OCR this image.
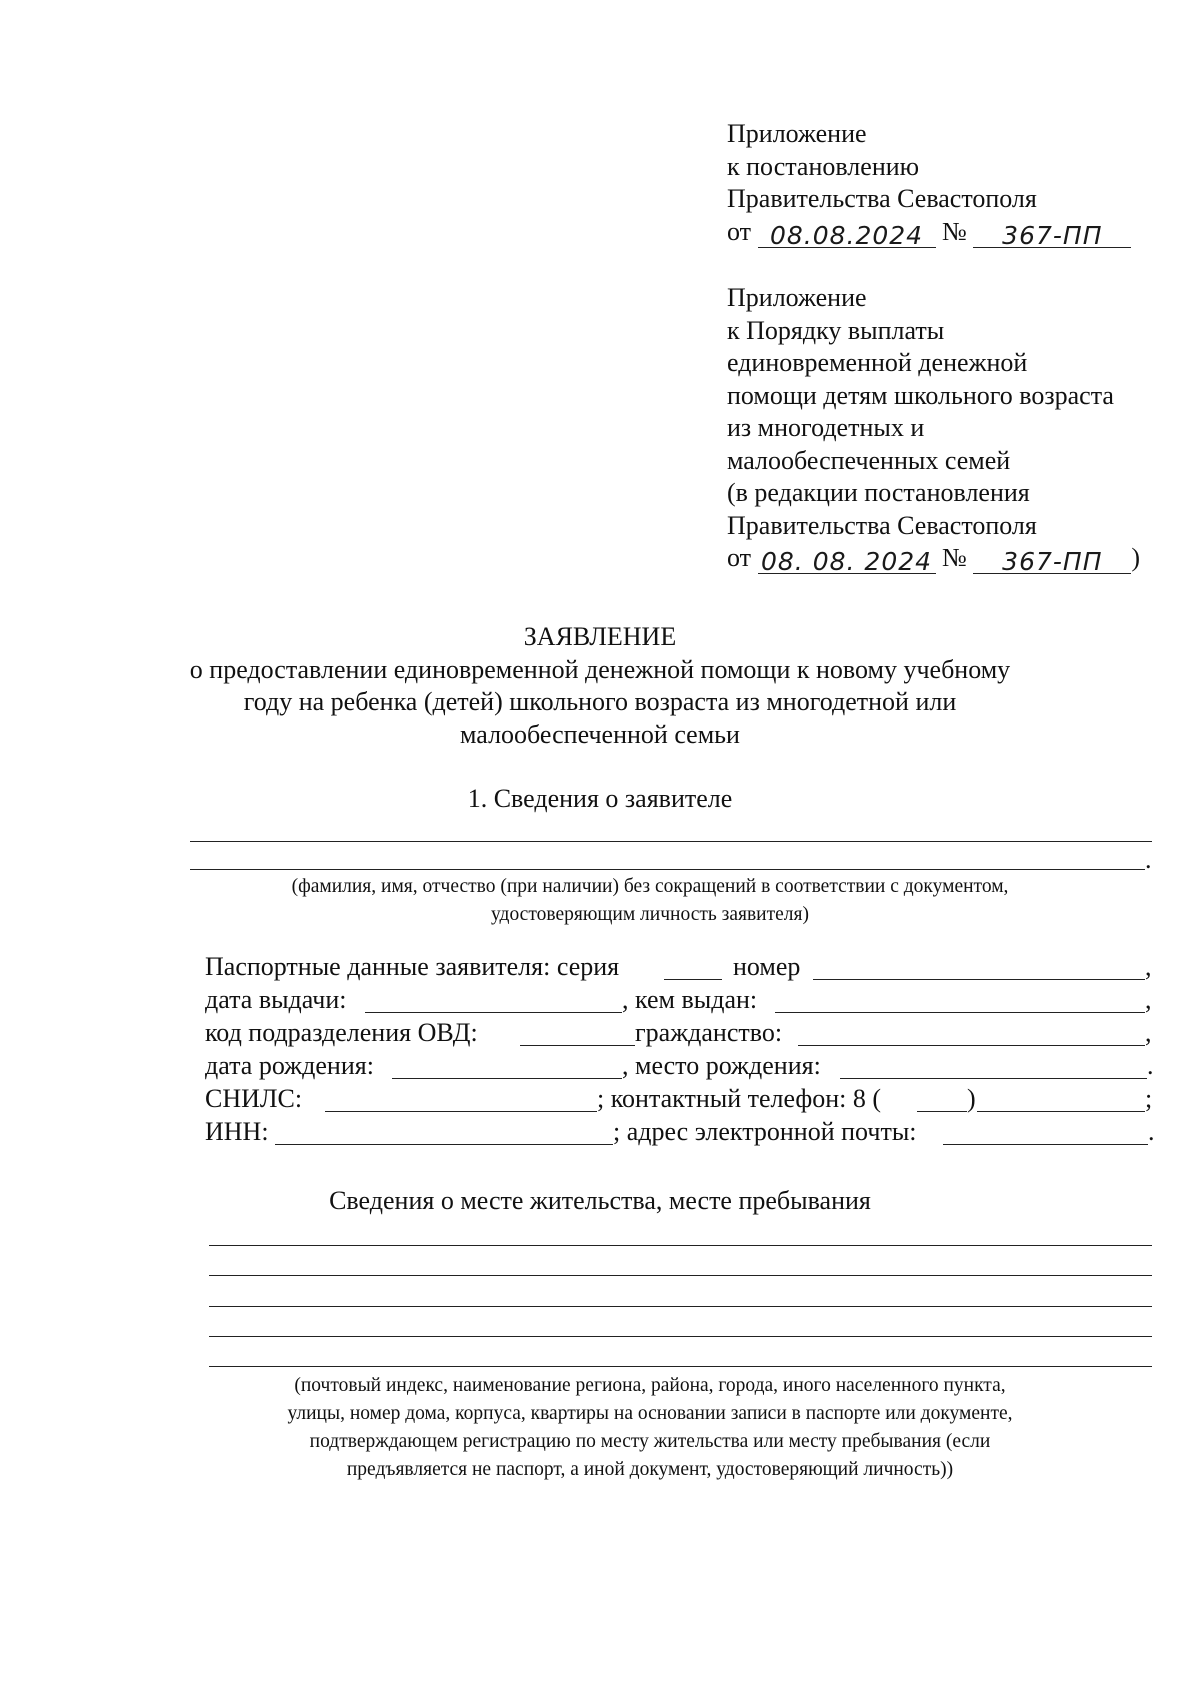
Приложение
к постановлению
Правительства Севастополя
от 08.08.2024 № 367-ПП
Приложение
к Порядку выплаты
единовременной денежной
помощи детям школьного возраста
из многодетных и
малообеспеченных семей
(в редакции постановления
Правительства Севастополя
от 08. 08. 2024 № 367-ПП )
ЗАЯВЛЕНИЕ
о предоставлении единовременной денежной помощи к новому учебному
году на ребенка (детей) школьного возраста из многодетной или
малообеспеченной семьи
1. Сведения о заявителе
.
(фамилия, имя, отчество (при наличии) без сокращений в соответствии с документом,
удостоверяющим личность заявителя)
Паспортные данные заявителя: серия	номер	,
дата выдачи:	, кем выдан:	,
код подразделения ОВД:	гражданство:	,
дата рождения:	, место рождения:	.
СНИЛС:	; контактный телефон: 8 (	)	;
ИНН:	; адрес электронной почты:	.
Сведения о месте жительства, месте пребывания
(почтовый индекс, наименование региона, района, города, иного населенного пункта,
улицы, номер дома, корпуса, квартиры на основании записи в паспорте или документе,
подтверждающем регистрацию по месту жительства или месту пребывания (если
предъявляется не паспорт, а иной документ, удостоверяющий личность))
